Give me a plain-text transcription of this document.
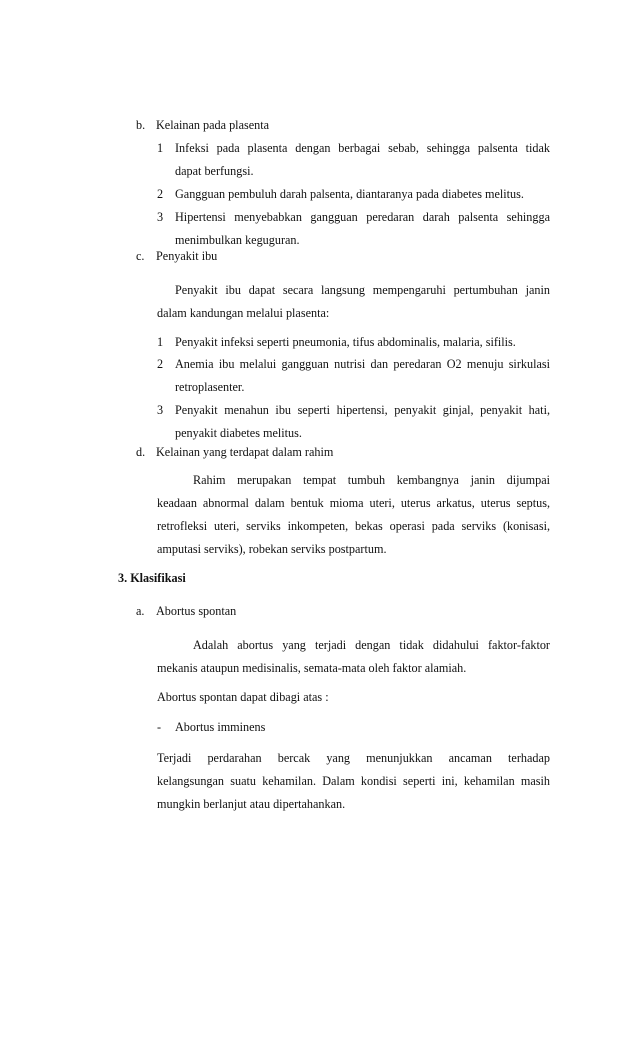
b. Kelainan pada plasenta
1 Infeksi pada plasenta dengan berbagai sebab, sehingga palsenta tidak
dapat berfungsi.
2 Gangguan pembuluh darah palsenta, diantaranya pada diabetes melitus.
3 Hipertensi menyebabkan gangguan peredaran darah palsenta sehingga
menimbulkan keguguran.
c. Penyakit ibu
Penyakit ibu dapat secara langsung mempengaruhi pertumbuhan janin
dalam kandungan melalui plasenta:
1 Penyakit infeksi seperti pneumonia, tifus abdominalis, malaria, sifilis.
2 Anemia ibu melalui gangguan nutrisi dan peredaran O2 menuju sirkulasi
retroplasenter.
3 Penyakit menahun ibu seperti hipertensi, penyakit ginjal, penyakit hati,
penyakit diabetes melitus.
d. Kelainan yang terdapat dalam rahim
Rahim merupakan tempat tumbuh kembangnya janin dijumpai
keadaan abnormal dalam bentuk mioma uteri, uterus arkatus, uterus septus,
retrofleksi uteri, serviks inkompeten, bekas operasi pada serviks (konisasi,
amputasi serviks), robekan serviks postpartum.
3. Klasifikasi
a. Abortus spontan
Adalah abortus yang terjadi dengan tidak didahului faktor-faktor
mekanis ataupun medisinalis, semata-mata oleh faktor alamiah.
Abortus spontan dapat dibagi atas :
- Abortus imminens
Terjadi perdarahan bercak yang menunjukkan ancaman terhadap
kelangsungan suatu kehamilan. Dalam kondisi seperti ini, kehamilan masih
mungkin berlanjut atau dipertahankan.
